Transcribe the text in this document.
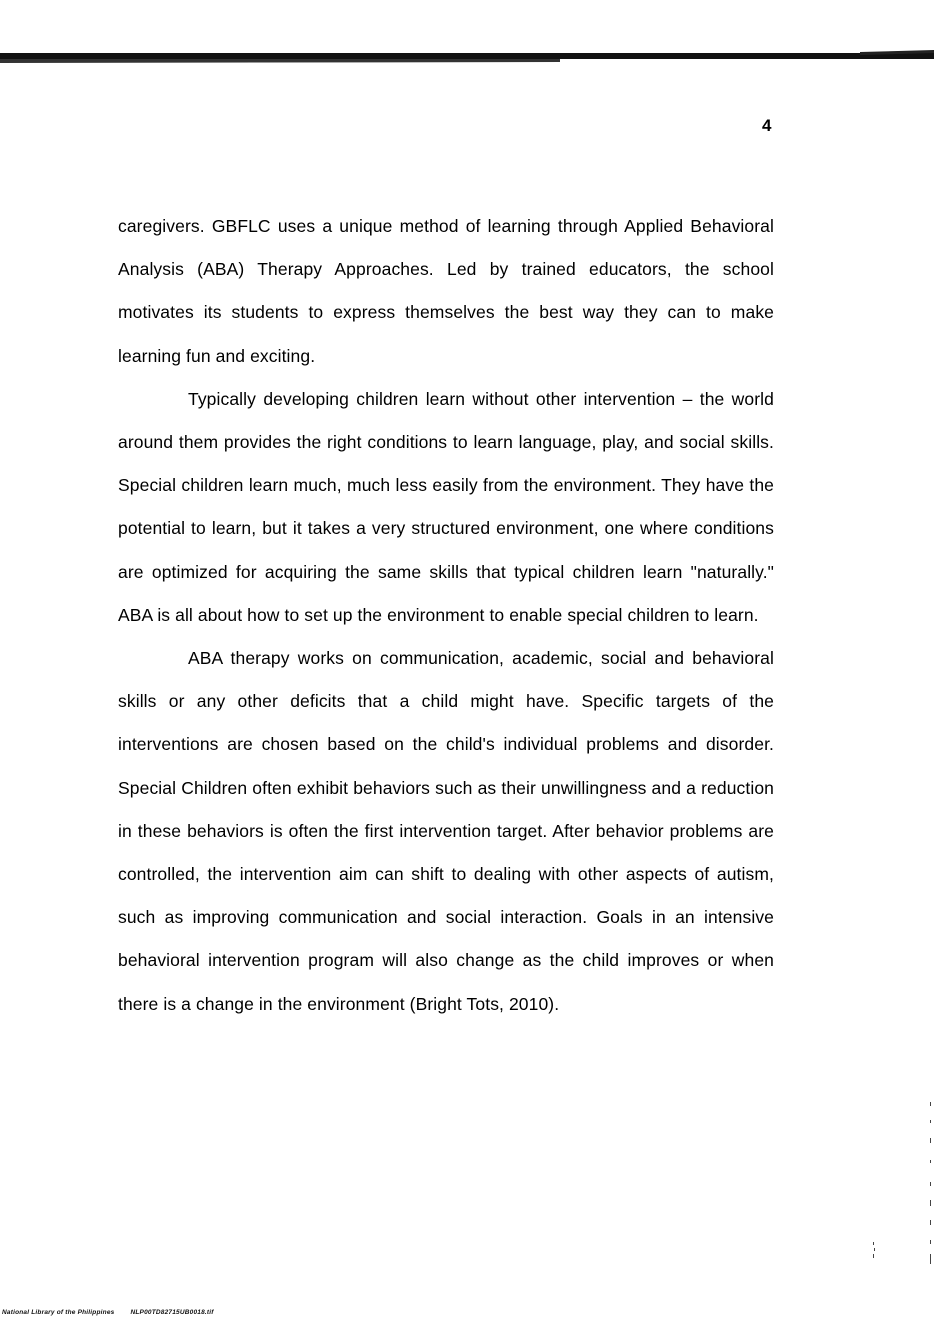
4

caregivers. GBFLC uses a unique method of learning through Applied Behavioral Analysis (ABA) Therapy Approaches. Led by trained educators, the school motivates its students to express themselves the best way they can to make learning fun and exciting.

Typically developing children learn without other intervention – the world around them provides the right conditions to learn language, play, and social skills. Special children learn much, much less easily from the environment. They have the potential to learn, but it takes a very structured environment, one where conditions are optimized for acquiring the same skills that typical children learn "naturally." ABA is all about how to set up the environment to enable special children to learn.

ABA therapy works on communication, academic, social and behavioral skills or any other deficits that a child might have. Specific targets of the interventions are chosen based on the child's individual problems and disorder. Special Children often exhibit behaviors such as their unwillingness and a reduction in these behaviors is often the first intervention target. After behavior problems are controlled, the intervention aim can shift to dealing with other aspects of autism, such as improving communication and social interaction. Goals in an intensive behavioral intervention program will also change as the child improves or when there is a change in the environment (Bright Tots, 2010).

National Library of the Philippines NLP00TD82715UB0018.tif
